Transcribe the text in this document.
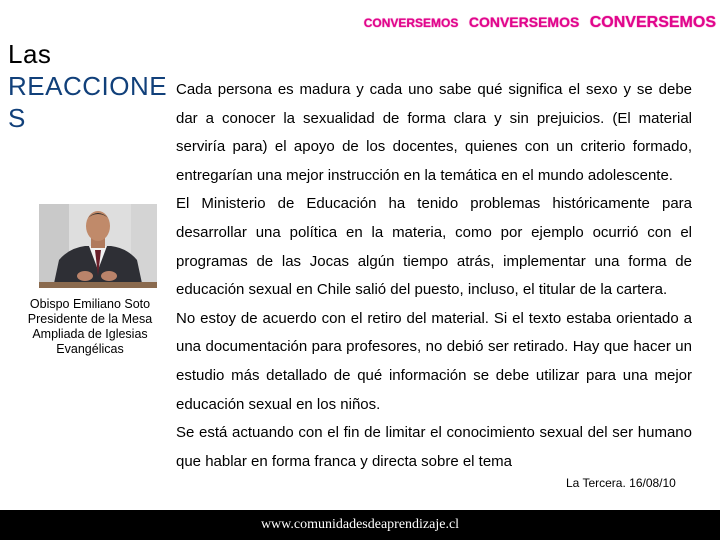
CONVERSEMOS CONVERSEMOS CONVERSEMOS
Las
REACCIONES
Obispo Emiliano Soto
Presidente de la Mesa
Ampliada de Iglesias
Evangélicas

Cada persona es madura y cada uno sabe qué significa el sexo y se debe dar a conocer la sexualidad de forma clara y sin prejuicios. (El material serviría para) el apoyo de los docentes, quienes con un criterio formado, entregarían una mejor instrucción en la temática en el mundo adolescente.

El Ministerio de Educación ha tenido problemas históricamente para desarrollar una política en la materia, como por ejemplo ocurrió con el programas de las Jocas algún tiempo atrás, implementar una forma de educación sexual en Chile salió del puesto, incluso, el titular de la cartera.

No estoy de acuerdo con el retiro del material. Si el texto estaba orientado a una documentación para profesores, no debió ser retirado. Hay que hacer un estudio más detallado de qué información se debe utilizar para una mejor educación sexual en los niños.

Se está actuando con el fin de limitar el conocimiento sexual del ser humano que hablar en forma franca y directa sobre el tema

La Tercera. 16/08/10
www.comunidadesdeaprendizaje.cl
